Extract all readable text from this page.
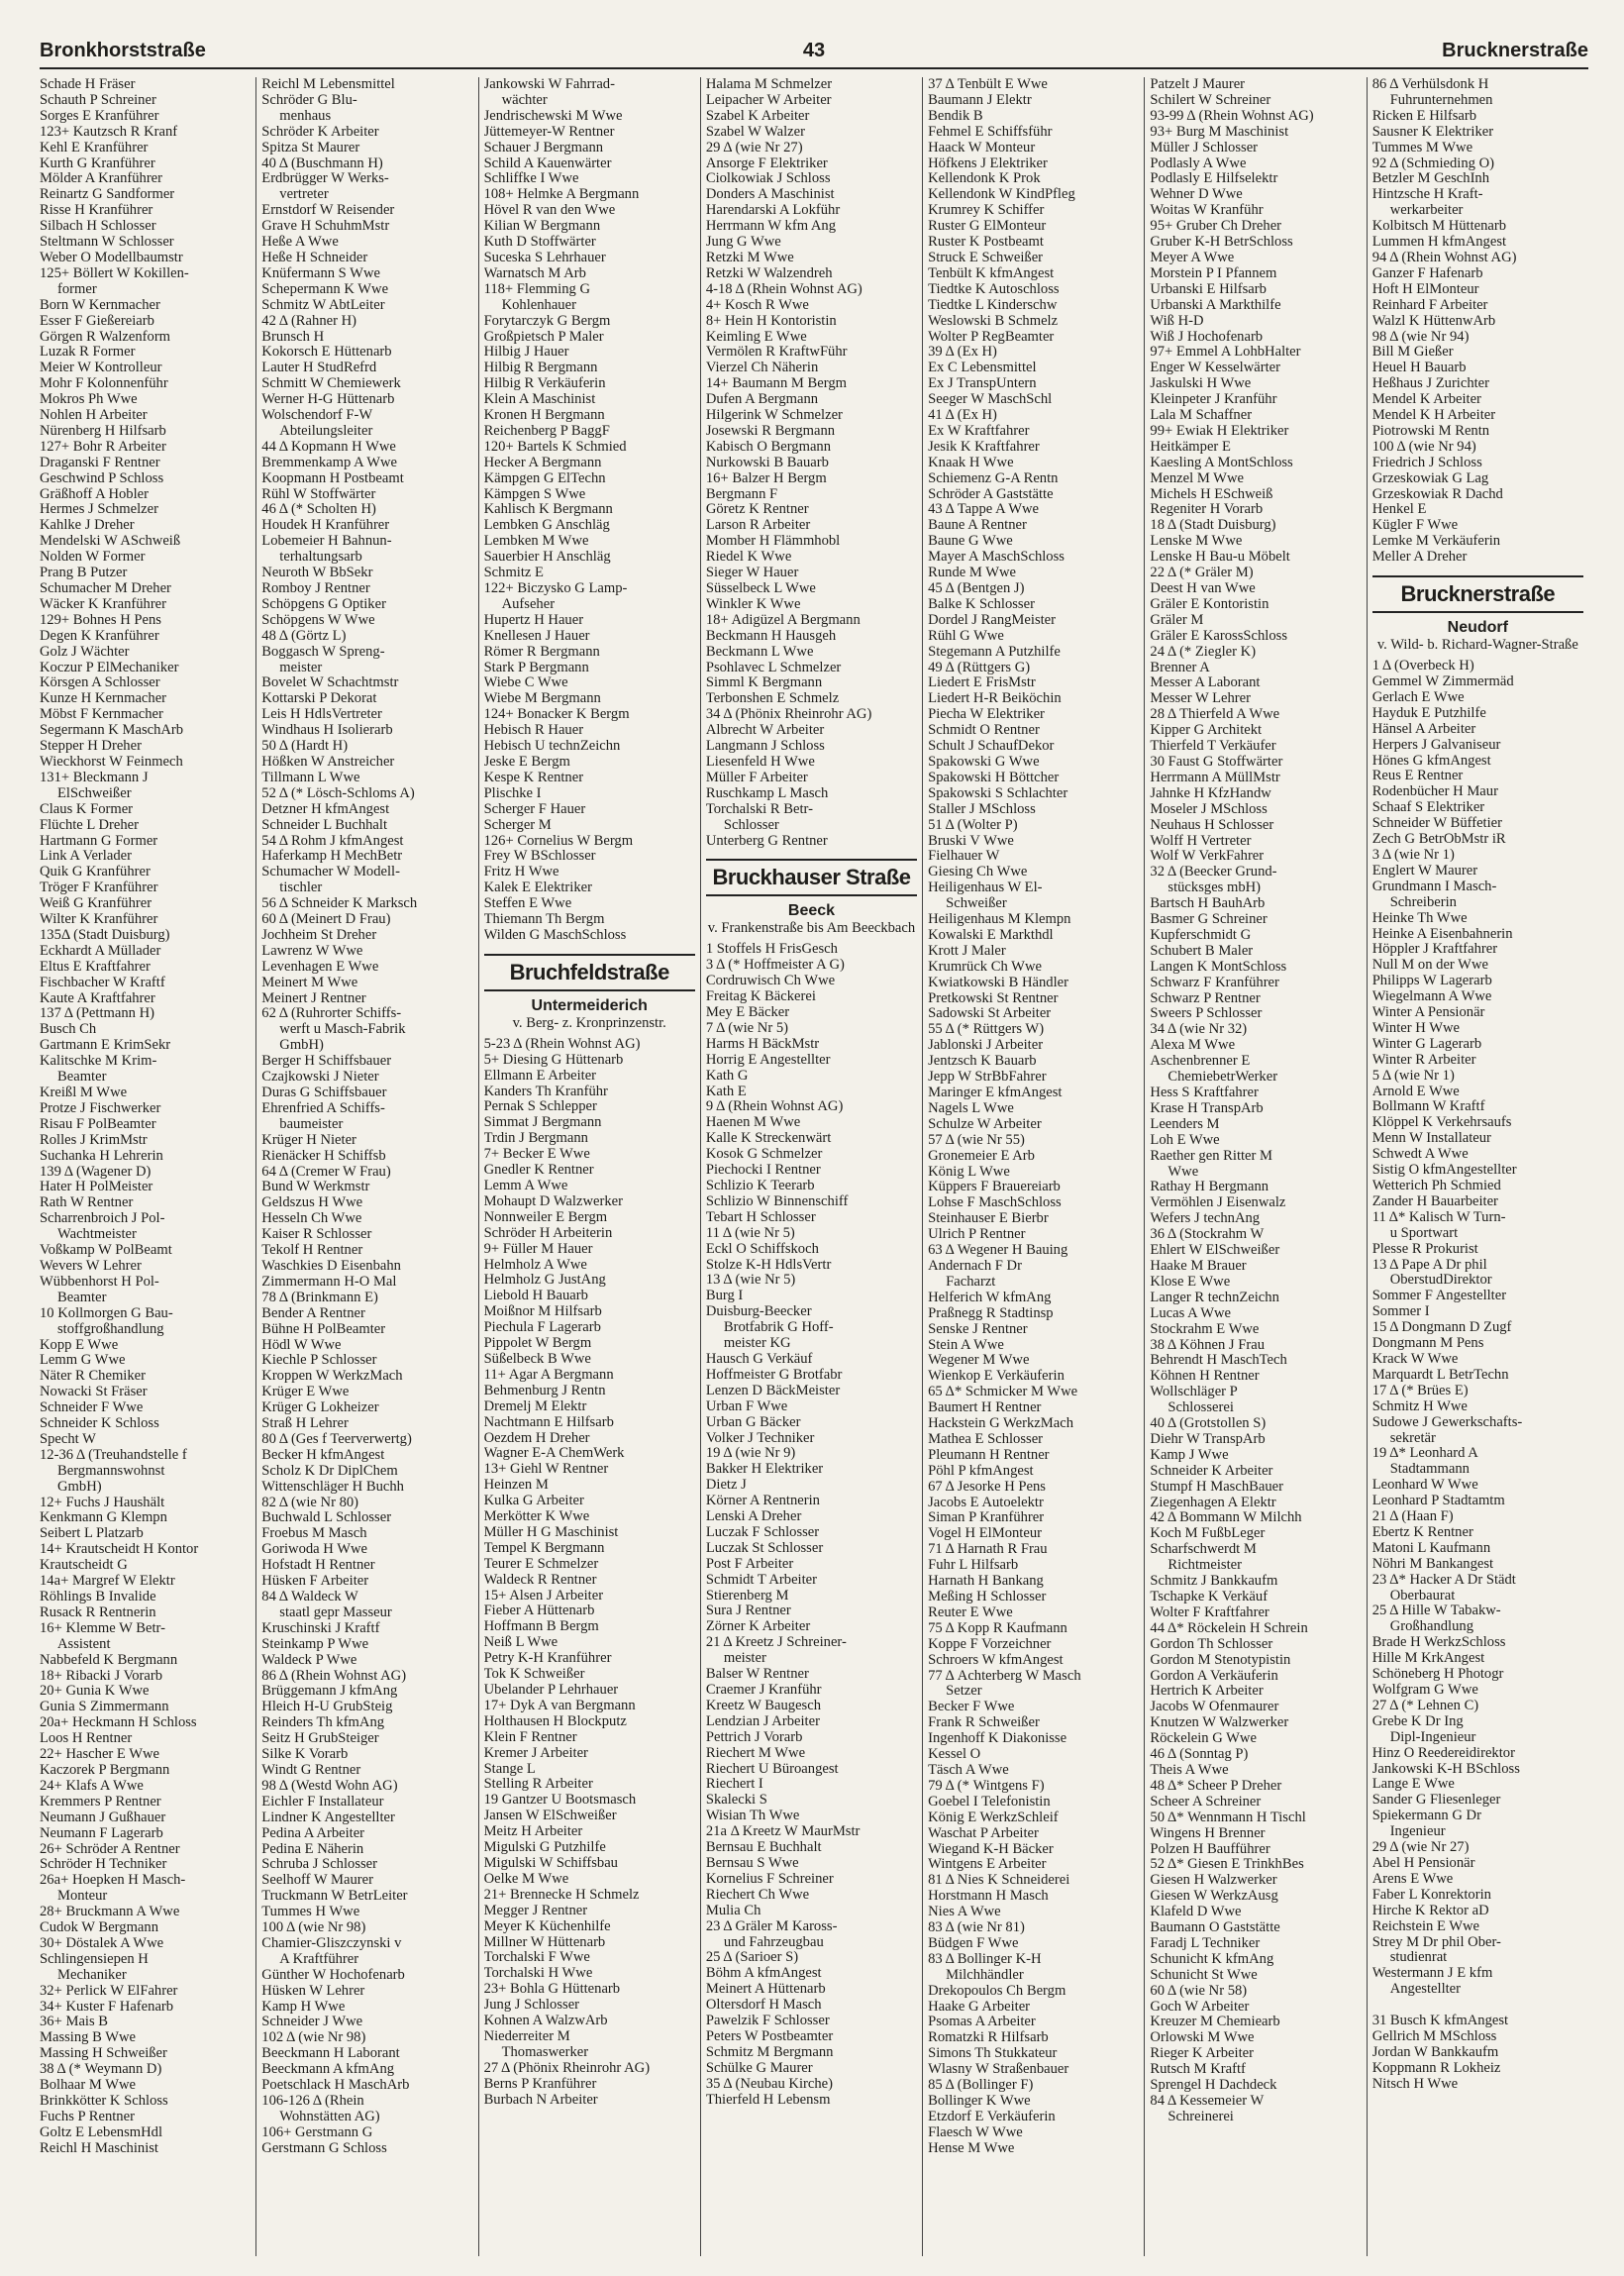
Bronkhorststraße	43	Brucknerstraße
Schade H Fräser
Schauth P Schreiner
Sorges E Kranführer
123+ Kautzsch R Kranf
Kehl E Kranführer
Kurth G Kranführer
Mölder A Kranführer
Reinartz G Sandformer
Risse H Kranführer
Silbach H Schlosser
Steltmann W Schlosser
Weber O Modellbaumstr
125+ Böllert W Kokillen-
former
Born W Kernmacher
Esser F Gießereiarb
Görgen R Walzenform
Luzak R Former
Meier W Kontrolleur
Mohr F Kolonnenführ
Mokros Ph Wwe
Nohlen H Arbeiter
Nürenberg H Hilfsarb
127+ Bohr R Arbeiter
Draganski F Rentner
Geschwind P Schloss
Gräßhoff A Hobler
Hermes J Schmelzer
Kahlke J Dreher
Mendelski W ASchweiß
Nolden W Former
Prang B Putzer
Schumacher M Dreher
Wäcker K Kranführer
129+ Bohnes H Pens
Degen K Kranführer
Golz J Wächter
Koczur P ElMechaniker
Körsgen A Schlosser
Kunze H Kernmacher
Möbst F Kernmacher
Segermann K MaschArb
Stepper H Dreher
Wieckhorst W Feinmech
131+ Bleckmann J
ElSchweißer
Claus K Former
Flüchte L Dreher
Hartmann G Former
Link A Verlader
Quik G Kranführer
Tröger F Kranführer
Weiß G Kranführer
Wilter K Kranführer
135Δ (Stadt Duisburg)
Eckhardt A Müllader
Eltus E Kraftfahrer
Fischbacher W Kraftf
Kaute A Kraftfahrer
137 Δ (Pettmann H)
Busch Ch
Gartmann E KrimSekr
Kalitschke M Krim-
Beamter
Kreißl M Wwe
Protze J Fischwerker
Risau F PolBeamter
Rolles J KrimMstr
Suchanka H Lehrerin
139 Δ (Wagener D)
Hater H PolMeister
Rath W Rentner
Scharrenbroich J Pol-
Wachtmeister
Voßkamp W PolBeamt
Wevers W Lehrer
Wübbenhorst H Pol-
Beamter
10 Kollmorgen G Bau-
stoffgroßhandlung
Kopp E Wwe
Lemm G Wwe
Näter R Chemiker
Nowacki St Fräser
Schneider F Wwe
Schneider K Schloss
Specht W
12-36 Δ (Treuhandstelle f
Bergmannswohnst
GmbH)
12+ Fuchs J Haushält
Kenkmann G Klempn
Seibert L Platzarb
14+ Krautscheidt H Kontor
Krautscheidt G
14a+ Margref W Elektr
Röhlings B Invalide
Rusack R Rentnerin
16+ Klemme W Betr-
Assistent
Nabbefeld K Bergmann
18+ Ribacki J Vorarb
20+ Gunia K Wwe
Gunia S Zimmermann
20a+ Heckmann H Schloss
Loos H Rentner
22+ Hascher E Wwe
Kaczorek P Bergmann
24+ Klafs A Wwe
Kremmers P Rentner
Neumann J Gußhauer
Neumann F Lagerarb
26+ Schröder A Rentner
Schröder H Techniker
26a+ Hoepken H Masch-
Monteur
28+ Bruckmann A Wwe
Cudok W Bergmann
30+ Döstalek A Wwe
Schlingensiepen H
Mechaniker
32+ Perlick W ElFahrer
34+ Kuster F Hafenarb
36+ Mais B
Massing B Wwe
Massing H Schweißer
38 Δ (* Weymann D)
Bolhaar M Wwe
Brinkkötter K Schloss
Fuchs P Rentner
Goltz E LebensmHdl
Reichl H Maschinist
Reichl M Lebensmittel
Schröder G Blu-
menhaus
Schröder K Arbeiter
Spitza St Maurer
40 Δ (Buschmann H)
Erdbrügger W Werks-
vertreter
Ernstdorf W Reisender
Grave H SchuhmMstr
Heße A Wwe
Heße H Schneider
Knüfermann S Wwe
Schepermann K Wwe
Schmitz W AbtLeiter
42 Δ (Rahner H)
Brunsch H
Kokorsch E Hüttenarb
Lauter H StudRefrd
Schmitt W Chemiewerk
Werner H-G Hüttenarb
Wolschendorf F-W
Abteilungsleiter
44 Δ Kopmann H Wwe
Bremmenkamp A Wwe
Koopmann H Postbeamt
Rühl W Stoffwärter
46 Δ (* Scholten H)
Houdek H Kranführer
Lobemeier H Bahnun-
terhaltungsarb
Neuroth W BbSekr
Romboy J Rentner
Schöpgens G Optiker
Schöpgens W Wwe
48 Δ (Görtz L)
Boggasch W Spreng-
meister
Bovelet W Schachtmstr
Kottarski P Dekorat
Leis H HdlsVertreter
Windhaus H Isolierarb
50 Δ (Hardt H)
Hößken W Anstreicher
Tillmann L Wwe
52 Δ (* Lösch-Schloms A)
Detzner H kfmAngest
Schneider L Buchhalt
54 Δ Rohm J kfmAngest
Haferkamp H MechBetr
Schumacher W Modell-
tischler
56 Δ Schneider K Marksch
60 Δ (Meinert D Frau)
Jochheim St Dreher
Lawrenz W Wwe
Levenhagen E Wwe
Meinert M Wwe
Meinert J Rentner
62 Δ (Ruhrorter Schiffs-
werft u Masch-Fabrik
GmbH)
Berger H Schiffsbauer
Czajkowski J Nieter
Duras G Schiffsbauer
Ehrenfried A Schiffs-
baumeister
Krüger H Nieter
Rienäcker H Schiffsb
64 Δ (Cremer W Frau)
Bund W Werkmstr
Geldszus H Wwe
Hesseln Ch Wwe
Kaiser R Schlosser
Tekolf H Rentner
Waschkies D Eisenbahn
Zimmermann H-O Mal
78 Δ (Brinkmann E)
Bender A Rentner
Bühne H PolBeamter
Hödl W Wwe
Kiechle P Schlosser
Kroppen W WerkzMach
Krüger E Wwe
Krüger G Lokheizer
Straß H Lehrer
80 Δ (Ges f Teerverwertg)
Becker H kfmAngest
Scholz K Dr DiplChem
Wittenschläger H Buchh
82 Δ (wie Nr 80)
Buchwald L Schlosser
Froebus M Masch
Goriwoda H Wwe
Hofstadt H Rentner
Hüsken F Arbeiter
84 Δ Waldeck W
staatl gepr Masseur
Kruschinski J Kraftf
Steinkamp P Wwe
Waldeck P Wwe
86 Δ (Rhein Wohnst AG)
Brüggemann J kfmAng
Hleich H-U GrubSteig
Reinders Th kfmAng
Seitz H GrubSteiger
Silke K Vorarb
Windt G Rentner
98 Δ (Westd Wohn AG)
Eichler F Installateur
Lindner K Angestellter
Pedina A Arbeiter
Pedina E Näherin
Schruba J Schlosser
Seelhoff W Maurer
Truckmann W BetrLeiter
Tummes H Wwe
100 Δ (wie Nr 98)
Chamier-Gliszczynski v
A Kraftführer
Günther W Hochofenarb
Hüsken W Lehrer
Kamp H Wwe
Schneider J Wwe
102 Δ (wie Nr 98)
Beeckmann H Laborant
Beeckmann A kfmAng
Poetschlack H MaschArb
106-126 Δ (Rhein
Wohnstätten AG)
106+ Gerstmann G
Gerstmann G Schloss
Jankowski W Fahrrad-
wächter
Jendrischewski M Wwe
Jüttemeyer-W Rentner
Schauer J Bergmann
Schild A Kauenwärter
Schliffke I Wwe
108+ Helmke A Bergmann
Hövel R van den Wwe
Kilian W Bergmann
Kuth D Stoffwärter
Suceska S Lehrhauer
Warnatsch M Arb
118+ Flemming G
Kohlenhauer
Forytarczyk G Bergm
Großpietsch P Maler
Hilbig J Hauer
Hilbig R Bergmann
Hilbig R Verkäuferin
Klein A Maschinist
Kronen H Bergmann
Reichenberg P BaggF
120+ Bartels K Schmied
Hecker A Bergmann
Kämpgen G ElTechn
Kämpgen S Wwe
Kahlisch K Bergmann
Lembken G Anschläg
Lembken M Wwe
Sauerbier H Anschläg
Schmitz E
122+ Biczysko G Lamp-
Aufseher
Hupertz H Hauer
Knellesen J Hauer
Römer R Bergmann
Stark P Bergmann
Wiebe C Wwe
Wiebe M Bergmann
124+ Bonacker K Bergm
Hebisch R Hauer
Hebisch U technZeichn
Jeske E Bergm
Kespe K Rentner
Plischke I
Scherger F Hauer
Scherger M
126+ Cornelius W Bergm
Frey W BSchlosser
Fritz H Wwe
Kalek E Elektriker
Steffen E Wwe
Thiemann Th Bergm
Wilden G MaschSchloss
Bruchfeldstraße
Untermeiderich
v. Berg- z. Kronprinzenstr.
5-23 Δ (Rhein Wohnst AG)
5+ Diesing G Hüttenarb
Ellmann E Arbeiter
Kanders Th Kranführ
Pernak S Schlepper
Simmat J Bergmann
Trdin J Bergmann
7+ Becker E Wwe
Gnedler K Rentner
Lemm A Wwe
Mohaupt D Walzwerker
Nonnweiler E Bergm
Schröder H Arbeiterin
9+ Füller M Hauer
Helmholz A Wwe
Helmholz G JustAng
Liebold H Bauarb
Moißnor M Hilfsarb
Piechula F Lagerarb
Pippolet W Bergm
Süßelbeck B Wwe
11+ Agar A Bergmann
Behmenburg J Rentn
Dremelj M Elektr
Nachtmann E Hilfsarb
Oezdem H Dreher
Wagner E-A ChemWerk
13+ Giehl W Rentner
Heinzen M
Kulka G Arbeiter
Merkötter K Wwe
Müller H G Maschinist
Tempel K Bergmann
Teurer E Schmelzer
Waldeck R Rentner
15+ Alsen J Arbeiter
Fieber A Hüttenarb
Hoffmann B Bergm
Neiß L Wwe
Petry K-H Kranführer
Tok K Schweißer
Ubelander P Lehrhauer
17+ Dyk A van Bergmann
Holthausen H Blockputz
Klein F Rentner
Kremer J Arbeiter
Stange L
Stelling R Arbeiter
19 Gantzer U Bootsmasch
Jansen W ElSchweißer
Meitz H Arbeiter
Migulski G Putzhilfe
Migulski W Schiffsbau
Oelke M Wwe
21+ Brennecke H Schmelz
Megger J Rentner
Meyer K Küchenhilfe
Millner W Hüttenarb
Torchalski F Wwe
Torchalski H Wwe
23+ Bohla G Hüttenarb
Jung J Schlosser
Kohnen A WalzwArb
Niederreiter M
Thomaswerker
27 Δ (Phönix Rheinrohr AG)
Berns P Kranführer
Burbach N Arbeiter
Halama M Schmelzer
Leipacher W Arbeiter
Szabel K Arbeiter
Szabel W Walzer
29 Δ (wie Nr 27)
Ansorge F Elektriker
Ciolkowiak J Schloss
Donders A Maschinist
Harendarski A Lokführ
Herrmann W kfm Ang
Jung G Wwe
Retzki M Wwe
Retzki W Walzendreh
4-18 Δ (Rhein Wohnst AG)
4+ Kosch R Wwe
8+ Hein H Kontoristin
Keimling E Wwe
Vermölen R KraftwFühr
Vierzel Ch Näherin
14+ Baumann M Bergm
Dufen A Bergmann
Hilgerink W Schmelzer
Josewski R Bergmann
Kabisch O Bergmann
Nurkowski B Bauarb
16+ Balzer H Bergm
Bergmann F
Göretz K Rentner
Larson R Arbeiter
Momber H Flämmhobl
Riedel K Wwe
Sieger W Hauer
Süsselbeck L Wwe
Winkler K Wwe
18+ Adigüzel A Bergmann
Beckmann H Hausgeh
Beckmann L Wwe
Psohlavec L Schmelzer
Simml K Bergmann
Terbonshen E Schmelz
34 Δ (Phönix Rheinrohr AG)
Albrecht W Arbeiter
Langmann J Schloss
Liesenfeld H Wwe
Müller F Arbeiter
Ruschkamp L Masch
Torchalski R Betr-
Schlosser
Unterberg G Rentner
Bruckhauser Straße
Beeck
v. Frankenstraße bis Am Beeckbach
1 Stoffels H FrisGesch
3 Δ (* Hoffmeister A G)
Cordruwisch Ch Wwe
Freitag K Bäckerei
Mey E Bäcker
7 Δ (wie Nr 5)
Harms H BäckMstr
Horrig E Angestellter
Kath G
Kath E
9 Δ (Rhein Wohnst AG)
Haenen M Wwe
Kalle K Streckenwärt
Kosok G Schmelzer
Piechocki I Rentner
Schlizio K Teerarb
Schlizio W Binnenschiff
Tebart H Schlosser
11 Δ (wie Nr 5)
Eckl O Schiffskoch
Stolze K-H HdlsVertr
13 Δ (wie Nr 5)
Burg I
Duisburg-Beecker
Brotfabrik G Hoff-
meister KG
Hausch G Verkäuf
Hoffmeister G Brotfabr
Lenzen D BäckMeister
Urban F Wwe
Urban G Bäcker
Volker J Techniker
19 Δ (wie Nr 9)
Bakker H Elektriker
Dietz J
Körner A Rentnerin
Lenski A Dreher
Luczak F Schlosser
Luczak St Schlosser
Post F Arbeiter
Schmidt T Arbeiter
Stierenberg M
Sura J Rentner
Zörner K Arbeiter
21 Δ Kreetz J Schreiner-
meister
Balser W Rentner
Craemer J Kranführ
Kreetz W Baugesch
Lendzian J Arbeiter
Pettrich J Vorarb
Riechert M Wwe
Riechert U Büroangest
Riechert I
Skalecki S
Wisian Th Wwe
21a Δ Kreetz W MaurMstr
Bernsau E Buchhalt
Bernsau S Wwe
Kornelius F Schreiner
Riechert Ch Wwe
Mulia Ch
23 Δ Gräler M Kaross-
und Fahrzeugbau
25 Δ (Sarioer S)
Böhm A kfmAngest
Meinert A Hüttenarb
Oltersdorf H Masch
Pawelzik F Schlosser
Peters W Postbeamter
Schmitz M Bergmann
Schülke G Maurer
35 Δ (Neubau Kirche)
Thierfeld H Lebensm
37 Δ Tenbült E Wwe
Baumann J Elektr
Bendik B
Fehmel E Schiffsführ
Haack W Monteur
Höfkens J Elektriker
Kellendonk K Prok
Kellendonk W KindPfleg
Krumrey K Schiffer
Ruster G ElMonteur
Ruster K Postbeamt
Struck E Schweißer
Tenbült K kfmAngest
Tiedtke K Autoschloss
Tiedtke L Kinderschw
Weslowski B Schmelz
Wolter P RegBeamter
39 Δ (Ex H)
Ex C Lebensmittel
Ex J TranspUntern
Seeger W MaschSchl
41 Δ (Ex H)
Ex W Kraftfahrer
Jesik K Kraftfahrer
Knaak H Wwe
Schiemenz G-A Rentn
Schröder A Gaststätte
43 Δ Tappe A Wwe
Baune A Rentner
Baune G Wwe
Mayer A MaschSchloss
Runde M Wwe
45 Δ (Bentgen J)
Balke K Schlosser
Dordel J RangMeister
Rühl G Wwe
Stegemann A Putzhilfe
49 Δ (Rüttgers G)
Liedert E FrisMstr
Liedert H-R Beiköchin
Piecha W Elektriker
Schmidt O Rentner
Schult J SchaufDekor
Spakowski G Wwe
Spakowski H Böttcher
Spakowski S Schlachter
Staller J MSchloss
51 Δ (Wolter P)
Bruski V Wwe
Fielhauer W
Giesing Ch Wwe
Heiligenhaus W El-
Schweißer
Heiligenhaus M Klempn
Kowalski E Markthdl
Krott J Maler
Krumrück Ch Wwe
Kwiatkowski B Händler
Pretkowski St Rentner
Sadowski St Arbeiter
55 Δ (* Rüttgers W)
Jablonski J Arbeiter
Jentzsch K Bauarb
Jepp W StrBbFahrer
Maringer E kfmAngest
Nagels L Wwe
Schulze W Arbeiter
57 Δ (wie Nr 55)
Gronemeier E Arb
König L Wwe
Küppers F Brauereiarb
Lohse F MaschSchloss
Steinhauser E Bierbr
Ulrich P Rentner
63 Δ Wegener H Bauing
Andernach F Dr
Facharzt
Helferich W kfmAng
Praßnegg R Stadtinsp
Senske J Rentner
Stein A Wwe
Wegener M Wwe
Wienkop E Verkäuferin
65 Δ* Schmicker M Wwe
Baumert H Rentner
Hackstein G WerkzMach
Mathea E Schlosser
Pleumann H Rentner
Pöhl P kfmAngest
67 Δ Jesorke H Pens
Jacobs E Autoelektr
Siman P Kranführer
Vogel H ElMonteur
71 Δ Harnath R Frau
Fuhr L Hilfsarb
Harnath H Bankang
Meßing H Schlosser
Reuter E Wwe
75 Δ Kopp R Kaufmann
Koppe F Vorzeichner
Schroers W kfmAngest
77 Δ Achterberg W Masch
Setzer
Becker F Wwe
Frank R Schweißer
Ingenhoff K Diakonisse
Kessel O
Täsch A Wwe
79 Δ (* Wintgens F)
Goebel I Telefonistin
König E WerkzSchleif
Waschat P Arbeiter
Wiegand K-H Bäcker
Wintgens E Arbeiter
81 Δ Nies K Schneiderei
Horstmann H Masch
Nies A Wwe
83 Δ (wie Nr 81)
Büdgen F Wwe
83 Δ Bollinger K-H
Milchhändler
Drekopoulos Ch Bergm
Haake G Arbeiter
Psomas A Arbeiter
Romatzki R Hilfsarb
Simons Th Stukkateur
Wlasny W Straßenbauer
85 Δ (Bollinger F)
Bollinger K Wwe
Etzdorf E Verkäuferin
Flaesch W Wwe
Hense M Wwe
Patzelt J Maurer
Schilert W Schreiner
93-99 Δ (Rhein Wohnst AG)
93+ Burg M Maschinist
Müller J Schlosser
Podlasly A Wwe
Podlasly E Hilfselektr
Wehner D Wwe
Woitas W Kranführ
95+ Gruber Ch Dreher
Gruber K-H BetrSchloss
Meyer A Wwe
Morstein P I Pfannem
Urbanski E Hilfsarb
Urbanski A Markthilfe
Wiß H-D
Wiß J Hochofenarb
97+ Emmel A LohbHalter
Enger W Kesselwärter
Jaskulski H Wwe
Kleinpeter J Kranführ
Lala M Schaffner
99+ Ewiak H Elektriker
Heitkämper E
Kaesling A MontSchloss
Menzel M Wwe
Michels H ESchweiß
Regeniter H Vorarb
18 Δ (Stadt Duisburg)
Lenske M Wwe
Lenske H Bau-u Möbelt
22 Δ (* Gräler M)
Deest H van Wwe
Gräler E Kontoristin
Gräler M
Gräler E KarossSchloss
24 Δ (* Ziegler K)
Brenner A
Messer A Laborant
Messer W Lehrer
28 Δ Thierfeld A Wwe
Kipper G Architekt
Thierfeld T Verkäufer
30 Faust G Stoffwärter
Herrmann A MüllMstr
Jahnke H KfzHandw
Moseler J MSchloss
Neuhaus H Schlosser
Wolff H Vertreter
Wolf W VerkFahrer
32 Δ (Beecker Grund-
stücksges mbH)
Bartsch H BauhArb
Basmer G Schreiner
Kupferschmidt G
Schubert B Maler
Langen K MontSchloss
Schwarz F Kranführer
Schwarz P Rentner
Sweers P Schlosser
34 Δ (wie Nr 32)
Alexa M Wwe
Aschenbrenner E
ChemiebetrWerker
Hess S Kraftfahrer
Krase H TranspArb
Leenders M
Loh E Wwe
Raether gen Ritter M
Wwe
Rathay H Bergmann
Vermöhlen J Eisenwalz
Wefers J technAng
36 Δ (Stockrahm W
Ehlert W ElSchweißer
Haake M Brauer
Klose E Wwe
Langer R technZeichn
Lucas A Wwe
Stockrahm E Wwe
38 Δ Köhnen J Frau
Behrendt H MaschTech
Köhnen H Rentner
Wollschläger P
Schlosserei
40 Δ (Grotstollen S)
Diehr W TranspArb
Kamp J Wwe
Schneider K Arbeiter
Stumpf H MaschBauer
Ziegenhagen A Elektr
42 Δ Bommann W Milchh
Koch M FußbLeger
Scharfschwerdt M
Richtmeister
Schmitz J Bankkaufm
Tschapke K Verkäuf
Wolter F Kraftfahrer
44 Δ* Röckelein H Schrein
Gordon Th Schlosser
Gordon M Stenotypistin
Gordon A Verkäuferin
Hertrich K Arbeiter
Jacobs W Ofenmaurer
Knutzen W Walzwerker
Röckelein G Wwe
46 Δ (Sonntag P)
Theis A Wwe
48 Δ* Scheer P Dreher
Scheer A Schreiner
50 Δ* Wennmann H Tischl
Wingens H Brenner
Polzen H Baufführer
52 Δ* Giesen E TrinkhBes
Giesen H Walzwerker
Giesen W WerkzAusg
Klafeld D Wwe
Baumann O Gaststätte
Faradj L Techniker
Schunicht K kfmAng
Schunicht St Wwe
60 Δ (wie Nr 58)
Goch W Arbeiter
Kreuzer M Chemiearb
Orlowski M Wwe
Rieger K Arbeiter
Rutsch M Kraftf
Sprengel H Dachdeck
84 Δ Kessemeier W
Schreinerei
86 Δ Verhülsdonk H
Fuhrunternehmen
Ricken E Hilfsarb
Sausner K Elektriker
Tummes M Wwe
92 Δ (Schmieding O)
Betzler M GeschInh
Hintzsche H Kraft-
werkarbeiter
Kolbitsch M Hüttenarb
Lummen H kfmAngest
94 Δ (Rhein Wohnst AG)
Ganzer F Hafenarb
Hoft H ElMonteur
Reinhard F Arbeiter
Walzl K HüttenwArb
98 Δ (wie Nr 94)
Bill M Gießer
Heuel H Bauarb
Heßhaus J Zurichter
Mendel K Arbeiter
Mendel K H Arbeiter
Piotrowski M Rentn
100 Δ (wie Nr 94)
Friedrich J Schloss
Grzeskowiak G Lag
Grzeskowiak R Dachd
Henkel E
Kügler F Wwe
Lemke M Verkäuferin
Meller A Dreher
Brucknerstraße
Neudorf
v. Wild- b. Richard-Wagner-Straße
1 Δ (Overbeck H)
Gemmel W Zimmermäd
Gerlach E Wwe
Hayduk E Putzhilfe
Hänsel A Arbeiter
Herpers J Galvaniseur
Hönes G kfmAngest
Reus E Rentner
Rodenbücher H Maur
Schaaf S Elektriker
Schneider W Büffetier
Zech G BetrObMstr iR
3 Δ (wie Nr 1)
Englert W Maurer
Grundmann I Masch-
Schreiberin
Heinke Th Wwe
Heinke A Eisenbahnerin
Höppler J Kraftfahrer
Null M on der Wwe
Philipps W Lagerarb
Wiegelmann A Wwe
Winter A Pensionär
Winter H Wwe
Winter G Lagerarb
Winter R Arbeiter
5 Δ (wie Nr 1)
Arnold E Wwe
Bollmann W Kraftf
Klöppel K Verkehrsaufs
Menn W Installateur
Schwedt A Wwe
Sistig O kfmAngestellter
Wetterich Ph Schmied
Zander H Bauarbeiter
11 Δ* Kalisch W Turn-
u Sportwart
Plesse R Prokurist
13 Δ Pape A Dr phil
OberstudDirektor
Sommer F Angestellter
Sommer I
15 Δ Dongmann D Zugf
Dongmann M Pens
Krack W Wwe
Marquardt L BetrTechn
17 Δ (* Brües E)
Schmitz H Wwe
Sudowe J Gewerkschafts-
sekretär
19 Δ* Leonhard A
Stadtammann
Leonhard W Wwe
Leonhard P Stadtamtm
21 Δ (Haan F)
Ebertz K Rentner
Matoni L Kaufmann
Nöhri M Bankangest
23 Δ* Hacker A Dr Städt
Oberbaurat
25 Δ Hille W Tabakw-
Großhandlung
Brade H WerkzSchloss
Hille M KrkAngest
Schöneberg H Photogr
Wolfgram G Wwe
27 Δ (* Lehnen C)
Grebe K Dr Ing
Dipl-Ingenieur
Hinz O Reedereidirektor
Jankowski K-H BSchloss
Lange E Wwe
Sander G Fliesenleger
Spiekermann G Dr
Ingenieur
29 Δ (wie Nr 27)
Abel H Pensionär
Arens E Wwe
Faber L Konrektorin
Hirche K Rektor aD
Reichstein E Wwe
Strey M Dr phil Ober-
studienrat
Westermann J E kfm
Angestellter

31 Busch K kfmAngest
Gellrich M MSchloss
Jordan W Bankkaufm
Koppmann R Lokheiz
Nitsch H Wwe
